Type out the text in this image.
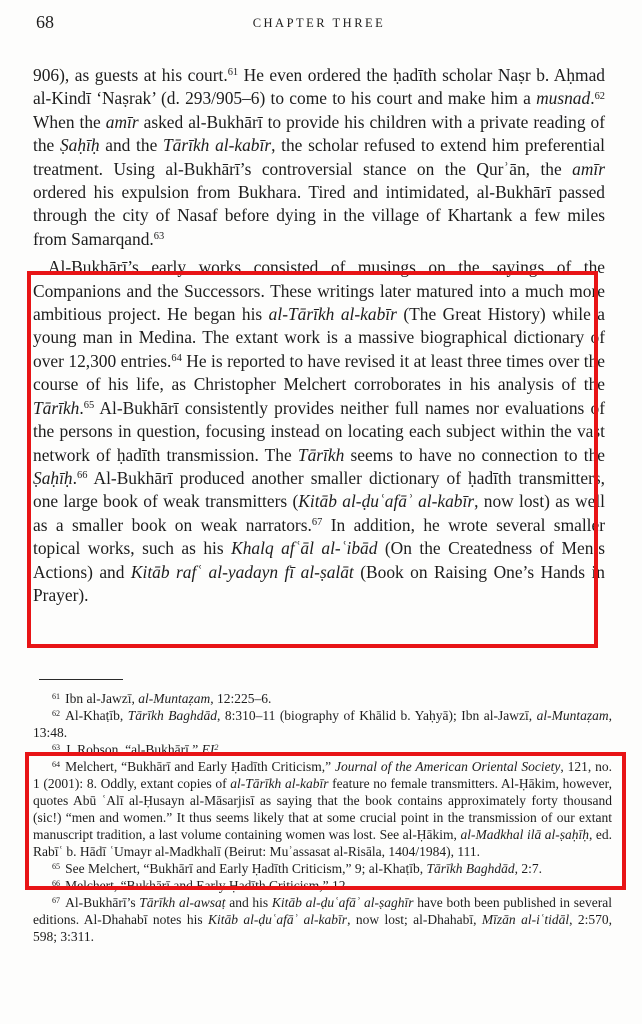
68	CHAPTER THREE

906), as guests at his court.$^{61}$ He even ordered the ḥadīth scholar Naṣr b. Aḥmad al-Kindī ‘Naṣrak’ (d. 293/905–6) to come to his court and make him a musnad.$^{62}$ When the amīr asked al-Bukhārī to provide his children with a private reading of the Ṣaḥīḥ and the Tārīkh al-kabīr, the scholar refused to extend him preferential treatment. Using al-Bukhārī’s controversial stance on the Qurʾān, the amīr ordered his expulsion from Bukhara. Tired and intimidated, al-Bukhārī passed through the city of Nasaf before dying in the village of Khartank a few miles from Samarqand.$^{63}$

Al-Bukhārī’s early works consisted of musings on the sayings of the Companions and the Successors. These writings later matured into a much more ambitious project. He began his al-Tārīkh al-kabīr (The Great History) while a young man in Medina. The extant work is a massive biographical dictionary of over 12,300 entries.$^{64}$ He is reported to have revised it at least three times over the course of his life, as Christopher Melchert corroborates in his analysis of the Tārīkh.$^{65}$ Al-Bukhārī consistently provides neither full names nor evaluations of the persons in question, focusing instead on locating each subject within the vast network of ḥadīth transmission. The Tārīkh seems to have no connection to the Ṣaḥīḥ.$^{66}$ Al-Bukhārī produced another smaller dictionary of ḥadīth transmitters, one large book of weak transmitters (Kitāb al-ḍuʿafāʾ al-kabīr, now lost) as well as a smaller book on weak narrators.$^{67}$ In addition, he wrote several smaller topical works, such as his Khalq afʿāl al-ʿibād (On the Createdness of Men’s Actions) and Kitāb rafʿ al-yadayn fī al-ṣalāt (Book on Raising One’s Hands in Prayer).

$^{61}$ Ibn al-Jawzī, al-Muntaẓam, 12:225–6.

$^{62}$ Al-Khaṭīb, Tārīkh Baghdād, 8:310–11 (biography of Khālid b. Yaḥyā); Ibn al-Jawzī, al-Muntaẓam, 13:48.

$^{63}$ J. Robson, “al-Bukhārī,” $EI^2$.

$^{64}$ Melchert, “Bukhārī and Early Ḥadīth Criticism,” Journal of the American Oriental Society, 121, no. 1 (2001): 8. Oddly, extant copies of al-Tārīkh al-kabīr feature no female transmitters. Al-Ḥākim, however, quotes Abū ʿAlī al-Ḥusayn al-Māsarjisī as saying that the book contains approximately forty thousand (sic!) “men and women.” It thus seems likely that at some crucial point in the transmission of our extant manuscript tradition, a last volume containing women was lost. See al-Ḥākim, al-Madkhal ilā al-ṣaḥīḥ, ed. Rabīʿ b. Hādī ʿUmayr al-Madkhalī (Beirut: Muʾassasat al-Risāla, 1404/1984), 111.

$^{65}$ See Melchert, “Bukhārī and Early Ḥadīth Criticism,” 9; al-Khaṭīb, Tārīkh Baghdād, 2:7.

$^{66}$ Melchert, “Bukhārī and Early Ḥadīth Criticism,” 12.

$^{67}$ Al-Bukhārī’s Tārīkh al-awsaṭ and his Kitāb al-ḍuʿafāʾ al-ṣaghīr have both been published in several editions. Al-Dhahabī notes his Kitāb al-ḍuʿafāʾ al-kabīr, now lost; al-Dhahabī, Mīzān al-iʿtidāl, 2:570, 598; 3:311.
